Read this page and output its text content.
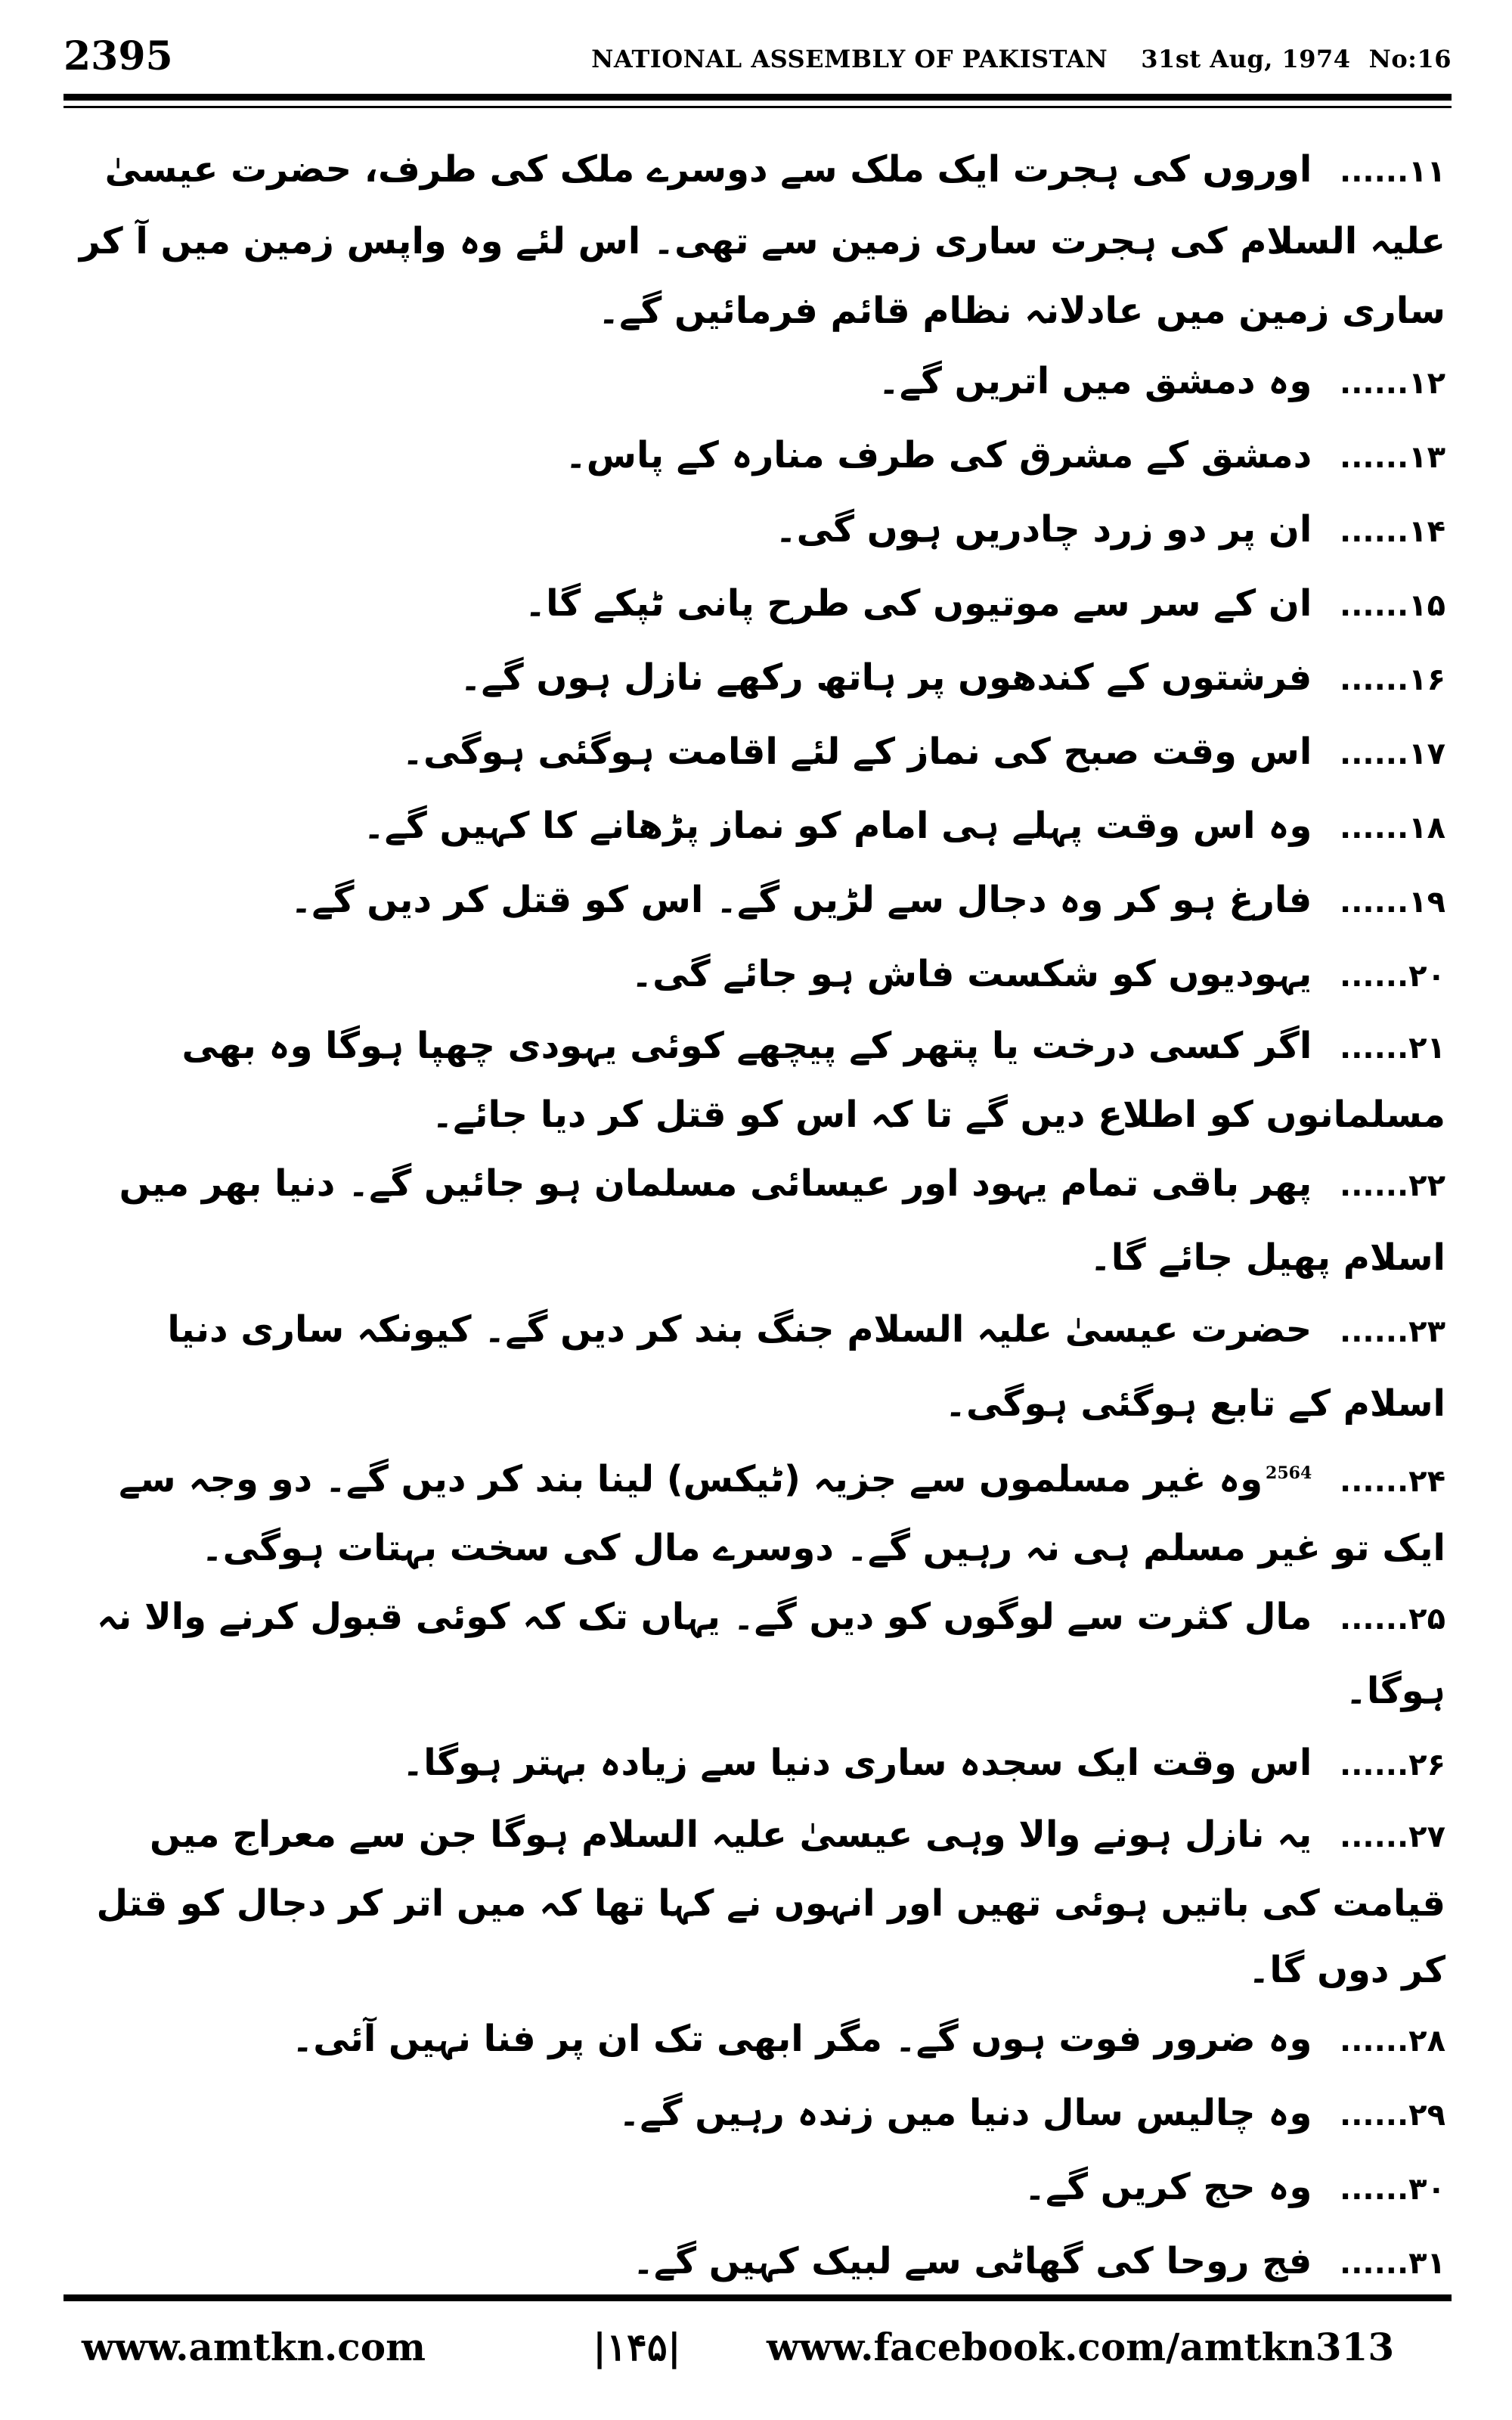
2395	NATIONAL ASSEMBLY OF PAKISTAN 31st Aug, 1974 No:16
۱۱...... اوروں کی ہجرت ایک ملک سے دوسرے ملک کی طرف، حضرت عیسیٰ علیہ السلام کی ہجرت ساری زمین سے تھی۔ اس لئے وہ واپس زمین میں آ کر ساری زمین میں عادلانہ نظام قائم فرمائیں گے۔
۱۲...... وہ دمشق میں اتریں گے۔
۱۳...... دمشق کے مشرق کی طرف منارہ کے پاس۔
۱۴...... ان پر دو زرد چادریں ہوں گی۔
۱۵...... ان کے سر سے موتیوں کی طرح پانی ٹپکے گا۔
۱۶...... فرشتوں کے کندھوں پر ہاتھ رکھے نازل ہوں گے۔
۱۷...... اس وقت صبح کی نماز کے لئے اقامت ہوگئی ہوگی۔
۱۸...... وہ اس وقت پہلے ہی امام کو نماز پڑھانے کا کہیں گے۔
۱۹...... فارغ ہو کر وہ دجال سے لڑیں گے۔ اس کو قتل کر دیں گے۔
۲۰...... یہودیوں کو شکست فاش ہو جائے گی۔
۲۱...... اگر کسی درخت یا پتھر کے پیچھے کوئی یہودی چھپا ہوگا وہ بھی مسلمانوں کو اطلاع دیں گے تا کہ اس کو قتل کر دیا جائے۔
۲۲...... پھر باقی تمام یہود اور عیسائی مسلمان ہو جائیں گے۔ دنیا بھر میں اسلام پھیل جائے گا۔
۲۳...... حضرت عیسیٰ علیہ السلام جنگ بند کر دیں گے۔ کیونکہ ساری دنیا اسلام کے تابع ہوگئی ہوگی۔
۲۴...... $^{2564}$وہ غیر مسلموں سے جزیہ (ٹیکس) لینا بند کر دیں گے۔ دو وجہ سے ایک تو غیر مسلم ہی نہ رہیں گے۔ دوسرے مال کی سخت بہتات ہوگی۔
۲۵...... مال کثرت سے لوگوں کو دیں گے۔ یہاں تک کہ کوئی قبول کرنے والا نہ ہوگا۔
۲۶...... اس وقت ایک سجدہ ساری دنیا سے زیادہ بہتر ہوگا۔
۲۷...... یہ نازل ہونے والا وہی عیسیٰ علیہ السلام ہوگا جن سے معراج میں قیامت کی باتیں ہوئی تھیں اور انہوں نے کہا تھا کہ میں اتر کر دجال کو قتل کر دوں گا۔
۲۸...... وہ ضرور فوت ہوں گے۔ مگر ابھی تک ان پر فنا نہیں آئی۔
۲۹...... وہ چالیس سال دنیا میں زندہ رہیں گے۔
۳۰...... وہ حج کریں گے۔
۳۱...... فج روحا کی گھاٹی سے لبیک کہیں گے۔
www.amtkn.com	|۱۴۵| www.facebook.com/amtkn313
